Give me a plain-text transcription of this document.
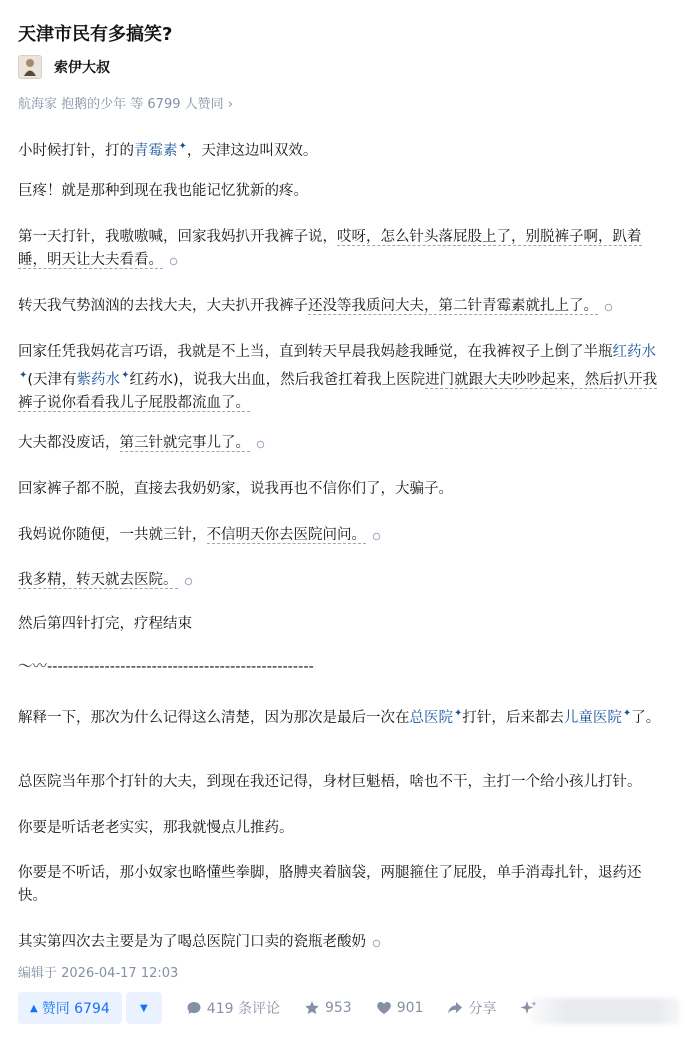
天津市民有多搞笑?
索伊大叔
航海家 抱鹅的少年 等 6799 人赞同 ›

小时候打针，打的青霉素✦，天津这边叫双效。

巨疼！就是那种到现在我也能记忆犹新的疼。

第一天打针，我嗷嗷喊，回家我妈扒开我裤子说，哎呀，怎么针头落屁股上了，别脱裤子啊，趴着睡，明天让大夫看看。

转天我气势汹汹的去找大夫，大夫扒开我裤子还没等我质问大夫，第二针青霉素就扎上了。

回家任凭我妈花言巧语，我就是不上当，直到转天早晨我妈趁我睡觉，在我裤衩子上倒了半瓶红药水✦(天津有紫药水✦红药水)，说我大出血，然后我爸扛着我上医院进门就跟大夫吵吵起来，然后扒开我裤子说你看看我儿子屁股都流血了。

大夫都没废话，第三针就完事儿了。

回家裤子都不脱，直接去我奶奶家，说我再也不信你们了，大骗子。

我妈说你随便，一共就三针，不信明天你去医院问问。

我多精，转天就去医院。

然后第四针打完，疗程结束

～〰---------------------------------------------------

解释一下，那次为什么记得这么清楚，因为那次是最后一次在总医院✦打针，后来都去儿童医院✦了。

总医院当年那个打针的大夫，到现在我还记得，身材巨魁梧，啥也不干，主打一个给小孩儿打针。

你要是听话老老实实，那我就慢点儿推药。

你要是不听话，那小奴家也略懂些拳脚，胳膊夹着脑袋，两腿箍住了屁股，单手消毒扎针，退药还快。

其实第四次去主要是为了喝总医院门口卖的瓷瓶老酸奶

编辑于 2026-04-17 12:03
▲ 赞同 6794	▼	419 条评论	953	901	分享
